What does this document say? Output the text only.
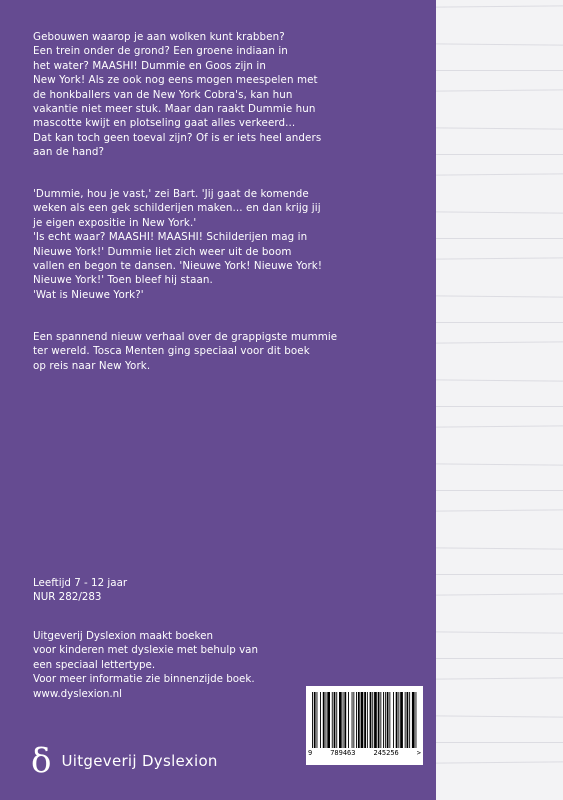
Gebouwen waarop je aan wolken kunt krabben?

Een trein onder de grond? Een groene indiaan in

het water? MAASHI! Dummie en Goos zijn in

New York! Als ze ook nog eens mogen meespelen met

de honkballers van de New York Cobra's, kan hun

vakantie niet meer stuk. Maar dan raakt Dummie hun

mascotte kwijt en plotseling gaat alles verkeerd...

Dat kan toch geen toeval zijn? Of is er iets heel anders

aan de hand?

'Dummie, hou je vast,' zei Bart. 'Jij gaat de komende

weken als een gek schilderijen maken... en dan krijg jij

je eigen expositie in New York.'

'Is echt waar? MAASHI! MAASHI! Schilderijen mag in

Nieuwe York!' Dummie liet zich weer uit de boom

vallen en begon te dansen. 'Nieuwe York! Nieuwe York!

Nieuwe York!' Toen bleef hij staan.

'Wat is Nieuwe York?'

Een spannend nieuw verhaal over de grappigste mummie

ter wereld. Tosca Menten ging speciaal voor dit boek

op reis naar New York.

Leeftijd 7 - 12 jaar

NUR 282/283

Uitgeverij Dyslexion maakt boeken

voor kinderen met dyslexie met behulp van

een speciaal lettertype.

Voor meer informatie zie binnenzijde boek.

www.dyslexion.nl

δ Uitgeverij Dyslexion	9	789463	245256	>
